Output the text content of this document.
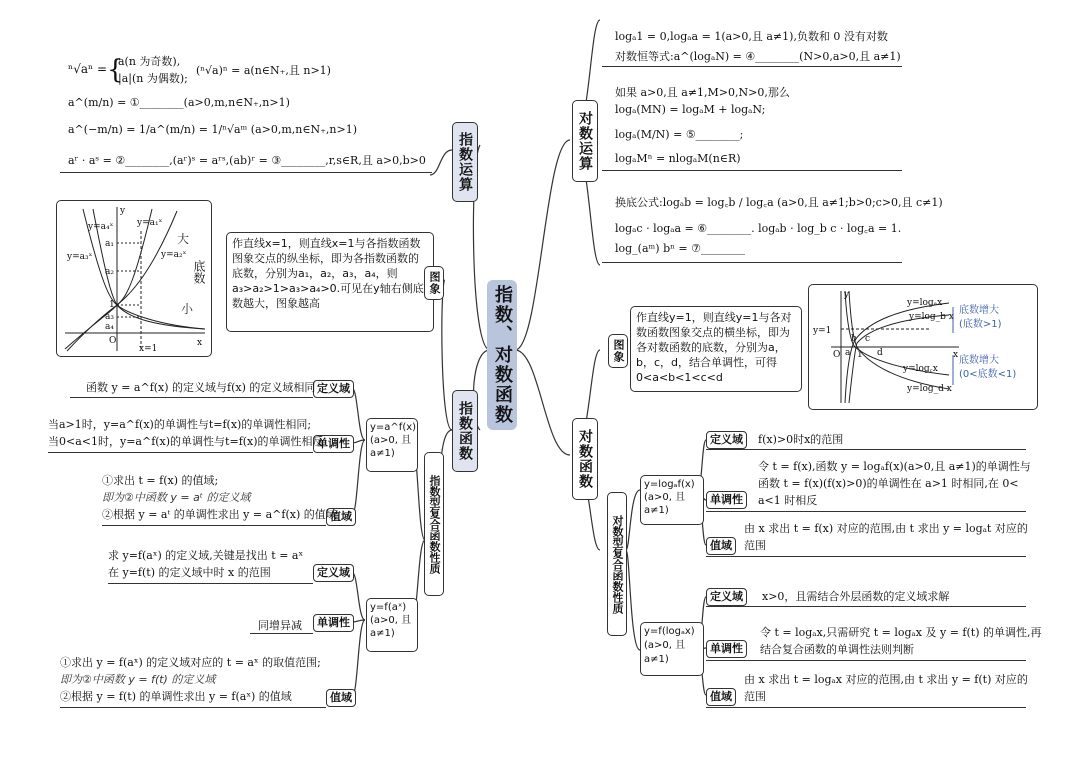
指数、对数函数
指数运算
ⁿ√aⁿ = {
a(n 为奇数),
|a|(n 为偶数);
(ⁿ√a)ⁿ = a(n∈N₊,且 n>1)
a^(m/n) = ①________(a>0,m,n∈N₊,n>1)
a^(−m/n) = 1/a^(m/n) = 1/ⁿ√aᵐ (a>0,m,n∈N₊,n>1)
aʳ · aˢ = ②________,(aʳ)ˢ = aʳˢ,(ab)ʳ = ③________,r,s∈R,且 a>0,b>0
y=a₄ˣ	y=a₁ˣ
y=a₃ˣ	y=a₂ˣ
a₁
a₂
a₃
a₄
1
O
x=1
y
x
大
底数
小
作直线x=1，则直线x=1与各指数函数图象交点的纵坐标，即为各指数函数的底数，分别为a₁，a₂，a₃，a₄，则a₃>a₂>1>a₃>a₄>0.可见在y轴右侧底数越大，图象越高
图象
指数函数
指数型复合函数性质
y=a^f(x) (a>0, 且a≠1)
定义域
函数 y = a^f(x) 的定义域与f(x) 的定义域相同
单调性
当a>1时，y=a^f(x)的单调性与t=f(x)的单调性相同;
当0<a<1时，y=a^f(x)的单调性与t=f(x)的单调性相反
值域
①求出 t = f(x) 的值域;
即为②中函数 y = aᵗ 的定义域
②根据 y = aᵗ 的单调性求出 y = a^f(x) 的值域
y=f(aˣ) (a>0, 且a≠1)
定义域
求 y=f(aˣ) 的定义域,关键是找出 t = aˣ
在 y=f(t) 的定义域中时 x 的范围
单调性
同增异减
值域
①求出 y = f(aˣ) 的定义域对应的 t = aˣ 的取值范围;
即为②中函数 y = f(t) 的定义域
②根据 y = f(t) 的单调性求出 y = f(aˣ) 的值域
对数运算
logₐ1 = 0,logₐa = 1(a>0,且 a≠1),负数和 0 没有对数
对数恒等式:a^(logₐN) = ④________(N>0,a>0,且 a≠1)
如果 a>0,且 a≠1,M>0,N>0,那么
logₐ(MN) = logₐM + logₐN;
logₐ(M/N) = ⑤________;
logₐMⁿ = nlogₐM(n∈R)
换底公式:logₐb = log꜀b / log꜀a (a>0,且 a≠1;b>0;c>0,且 c≠1)
logₐc · logₐa = ⑥________. logₐb · log_b c · log꜀a = 1.
log_(aᵐ) bⁿ = ⑦________
对数函数
图象
作直线y=1，则直线y=1与各对数函数图象交点的横坐标，即为各对数函数的底数，分别为a，b，c，d，结合单调性，可得0<a<b<1<c<d
y=logₐx
y=log_b x
y=log꜀x
y=log_d x
y=1
O a
b c
d
1
y
x
底数增大
(底数>1)
底数增大
(0<底数<1)
对数型复合函数性质
y=logₐf(x) (a>0, 且 a≠1)
定义域	f(x)>0时x的范围
单调性
令 t = f(x),函数 y = logₐf(x)(a>0,且 a≠1)的单调性与
函数 t = f(x)(f(x)>0)的单调性在 a>1 时相同,在 0<
a<1 时相反
值域
由 x 求出 t = f(x) 对应的范围,由 t 求出 y = logₐt 对应的
范围
y=f(logₐx) (a>0, 且 a≠1)
定义域	x>0，且需结合外层函数的定义域求解
单调性
令 t = logₐx,只需研究 t = logₐx 及 y = f(t) 的单调性,再
结合复合函数的单调性法则判断
值域
由 x 求出 t = logₐx 对应的范围,由 t 求出 y = f(t) 对应的
范围
